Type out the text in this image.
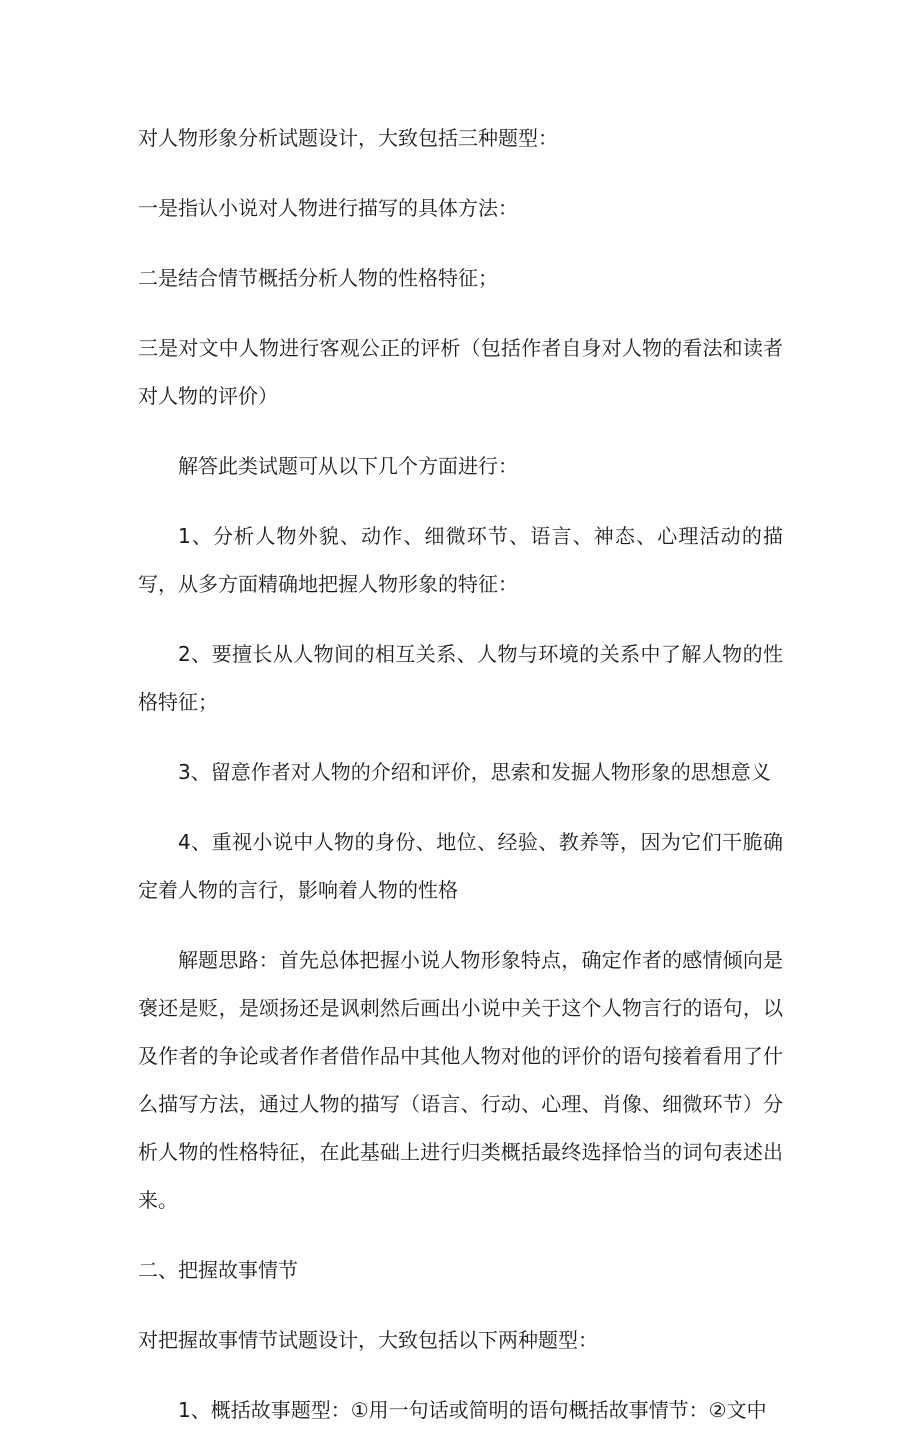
对人物形象分析试题设计，大致包括三种题型：

一是指认小说对人物进行描写的具体方法：

二是结合情节概括分析人物的性格特征；

三是对文中人物进行客观公正的评析（包括作者自身对人物的看法和读者对人物的评价）

解答此类试题可从以下几个方面进行：

1、分析人物外貌、动作、细微环节、语言、神态、心理活动的描写，从多方面精确地把握人物形象的特征：

2、要擅长从人物间的相互关系、人物与环境的关系中了解人物的性格特征；

3、留意作者对人物的介绍和评价，思索和发掘人物形象的思想意义

4、重视小说中人物的身份、地位、经验、教养等，因为它们干脆确定着人物的言行，影响着人物的性格

解题思路：首先总体把握小说人物形象特点，确定作者的感情倾向是褒还是贬，是颂扬还是讽刺然后画出小说中关于这个人物言行的语句，以及作者的争论或者作者借作品中其他人物对他的评价的语句接着看用了什么描写方法，通过人物的描写（语言、行动、心理、肖像、细微环节）分析人物的性格特征，在此基础上进行归类概括最终选择恰当的词句表述出来。

二、把握故事情节

对把握故事情节试题设计，大致包括以下两种题型：

1、概括故事题型：①用一句话或简明的语句概括故事情节：②文中
